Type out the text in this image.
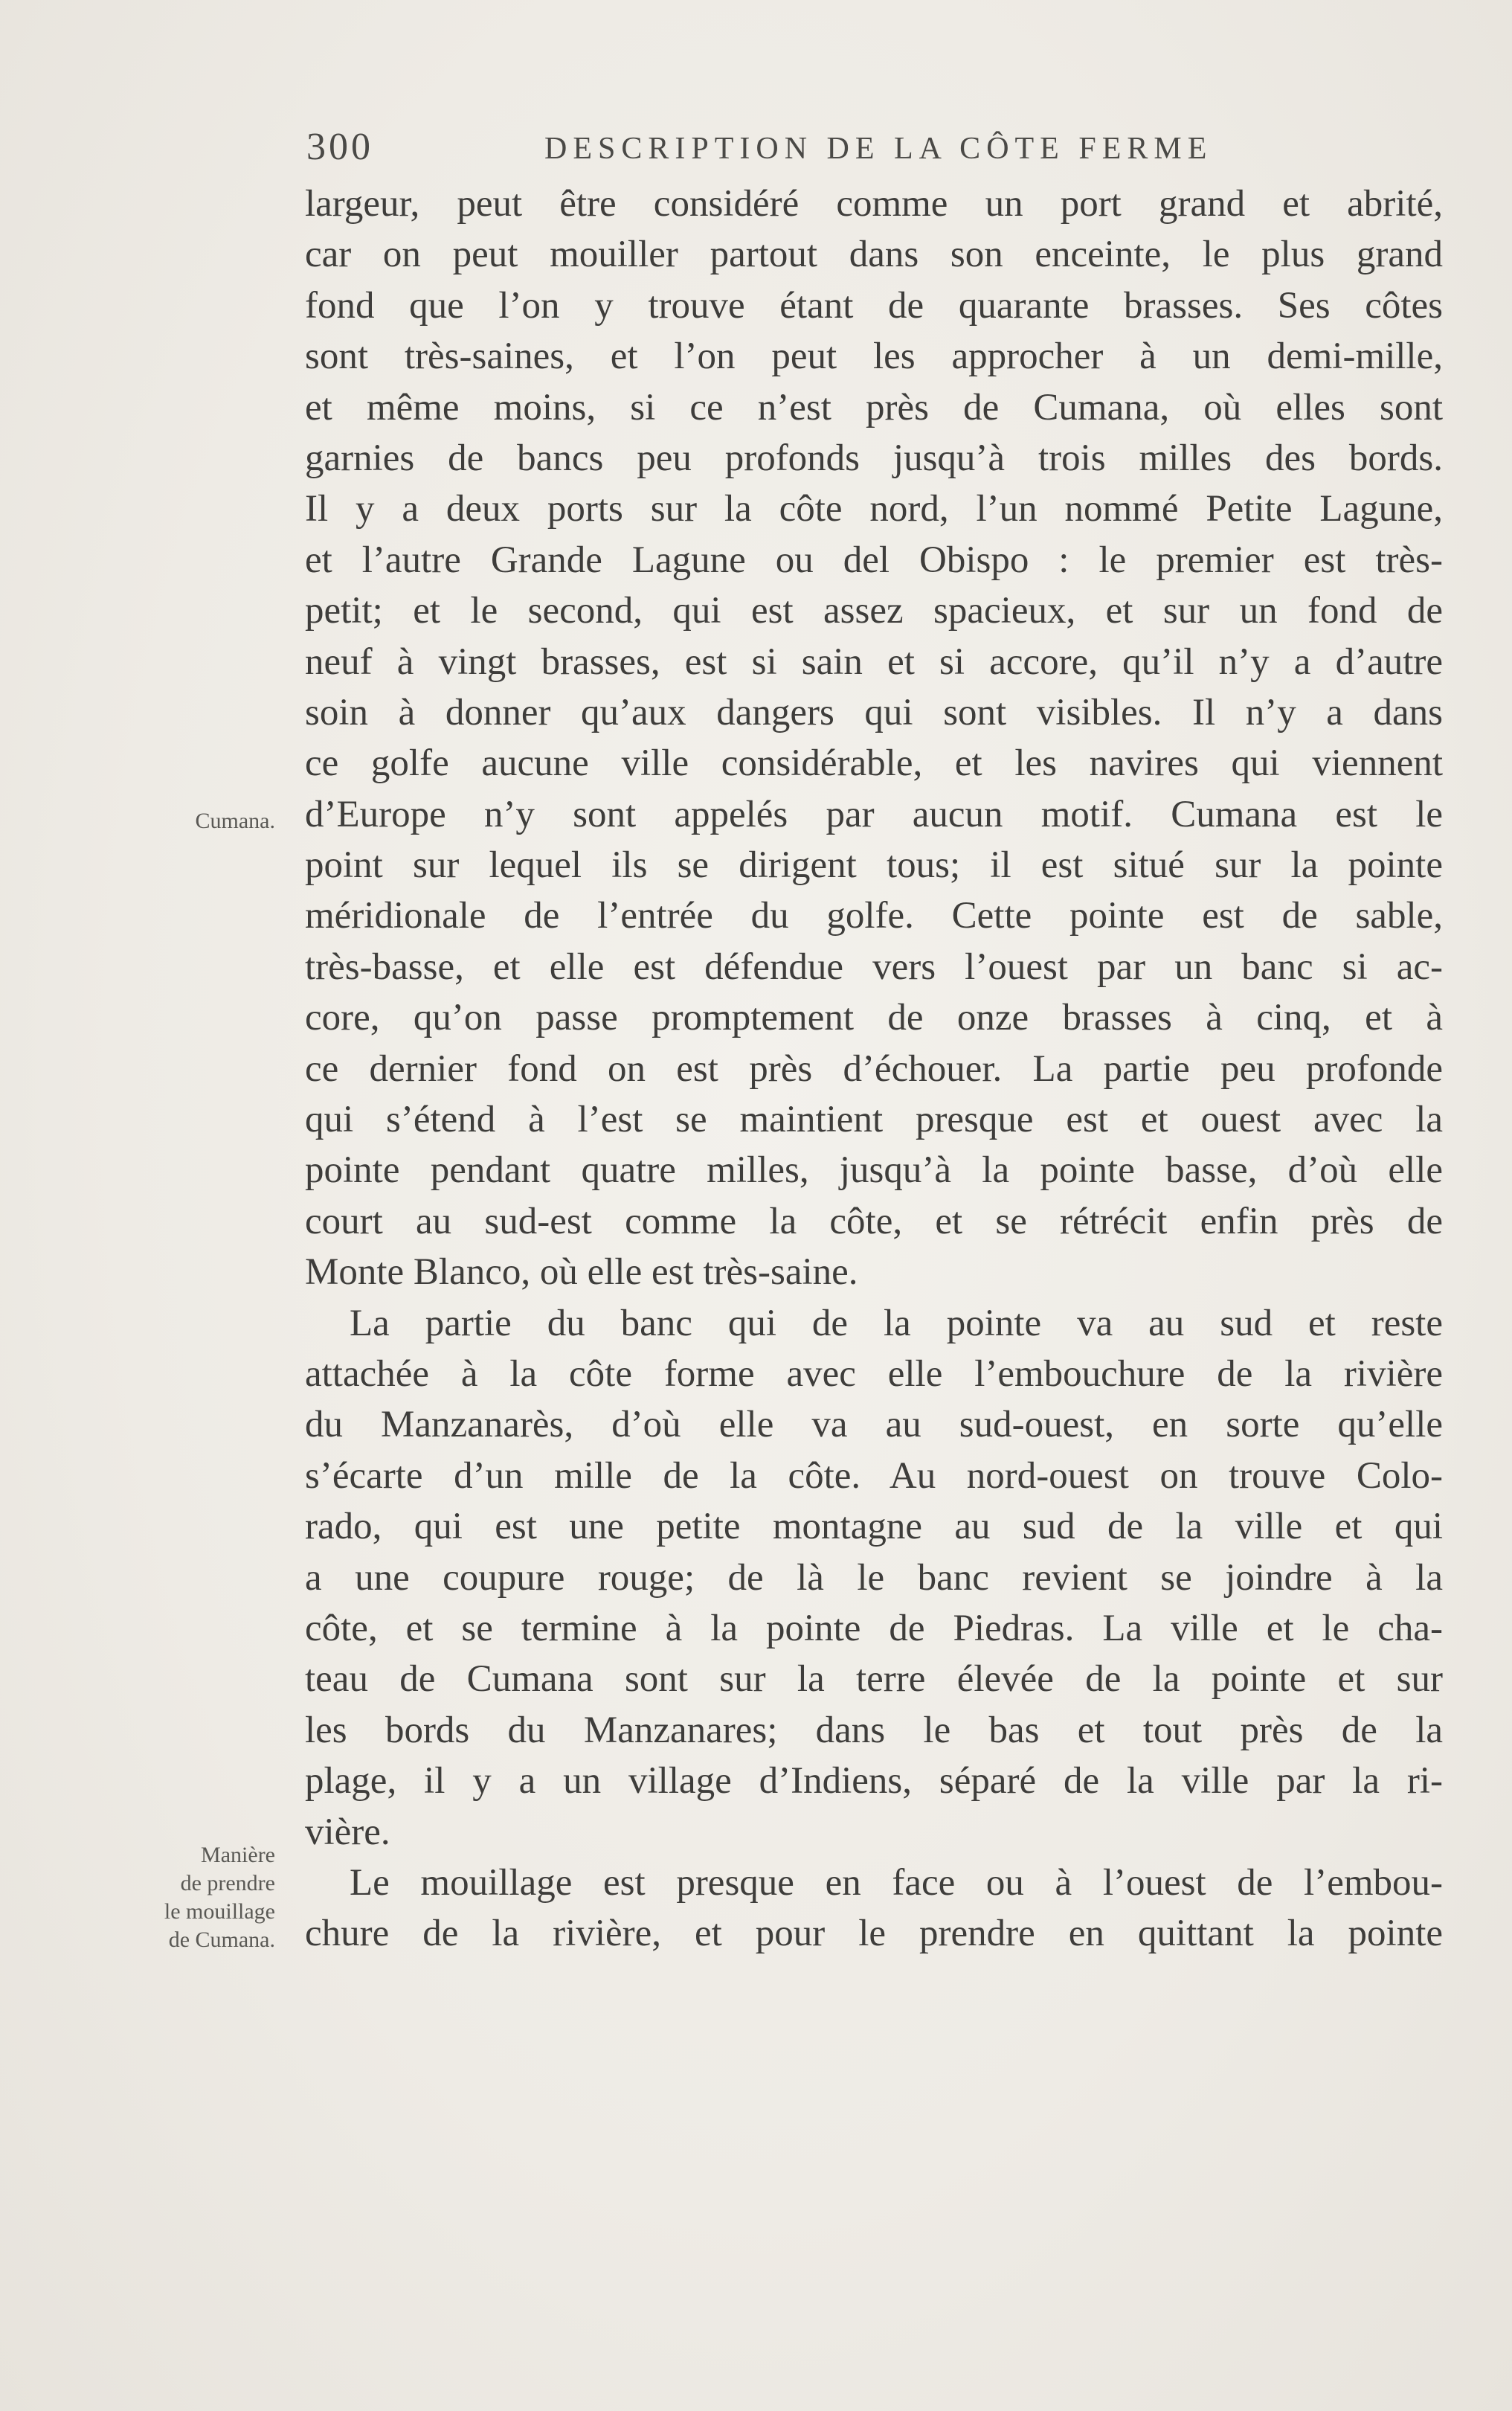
300	DESCRIPTION DE LA CÔTE FERME
Cumana.
Manière
de prendre
le mouillage
de Cumana.
largeur, peut être considéré comme un port grand et abrité,
car on peut mouiller partout dans son enceinte, le plus grand
fond que l’on y trouve étant de quarante brasses. Ses côtes
sont très-saines, et l’on peut les approcher à un demi-mille,
et même moins, si ce n’est près de Cumana, où elles sont
garnies de bancs peu profonds jusqu’à trois milles des bords.
Il y a deux ports sur la côte nord, l’un nommé Petite Lagune,
et l’autre Grande Lagune ou del Obispo : le premier est très-
petit; et le second, qui est assez spacieux, et sur un fond de
neuf à vingt brasses, est si sain et si accore, qu’il n’y a d’autre
soin à donner qu’aux dangers qui sont visibles. Il n’y a dans
ce golfe aucune ville considérable, et les navires qui viennent
d’Europe n’y sont appelés par aucun motif. Cumana est le
point sur lequel ils se dirigent tous; il est situé sur la pointe
méridionale de l’entrée du golfe. Cette pointe est de sable,
très-basse, et elle est défendue vers l’ouest par un banc si ac-
core, qu’on passe promptement de onze brasses à cinq, et à
ce dernier fond on est près d’échouer. La partie peu profonde
qui s’étend à l’est se maintient presque est et ouest avec la
pointe pendant quatre milles, jusqu’à la pointe basse, d’où elle
court au sud-est comme la côte, et se rétrécit enfin près de
Monte Blanco, où elle est très-saine.
La partie du banc qui de la pointe va au sud et reste
attachée à la côte forme avec elle l’embouchure de la rivière
du Manzanarès, d’où elle va au sud-ouest, en sorte qu’elle
s’écarte d’un mille de la côte. Au nord-ouest on trouve Colo-
rado, qui est une petite montagne au sud de la ville et qui
a une coupure rouge; de là le banc revient se joindre à la
côte, et se termine à la pointe de Piedras. La ville et le cha-
teau de Cumana sont sur la terre élevée de la pointe et sur
les bords du Manzanares; dans le bas et tout près de la
plage, il y a un village d’Indiens, séparé de la ville par la ri-
vière.
Le mouillage est presque en face ou à l’ouest de l’embou-
chure de la rivière, et pour le prendre en quittant la pointe
